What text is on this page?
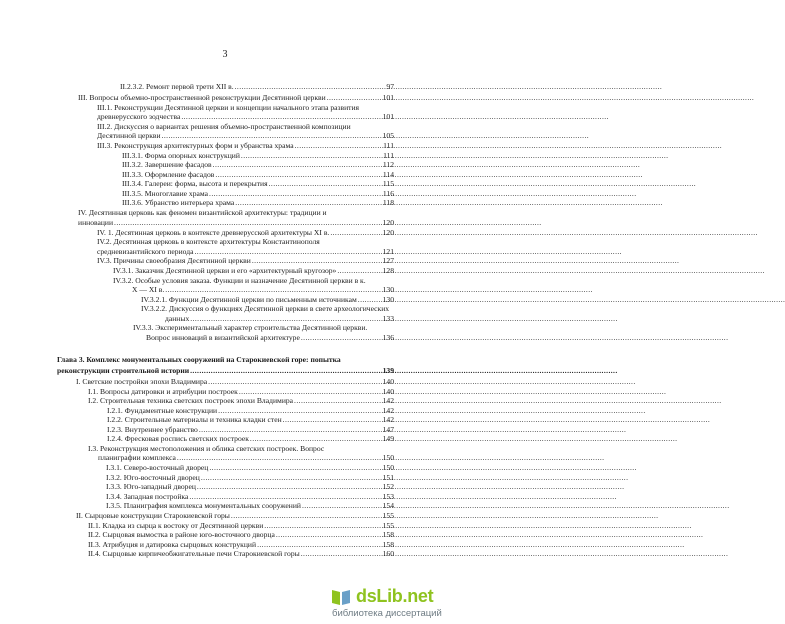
3
II.2.3.2. Ремонт первой трети XII в. .....	97
III. Вопросы объемно-пространственной реконструкции Десятинной церкви .....	101
III.1. Реконструкции Десятинной церкви и концепции начального этапа развития
древнерусского зодчества .....	101
III.2. Дискуссия о вариантах решения объемно-пространственной композиции
Десятинной церкви .....	105
III.3. Реконструкция архитектурных форм и убранства храма .....	111
III.3.1. Форма опорных конструкций .....	111
III.3.2. Завершение фасадов .....	112
III.3.3. Оформление фасадов .....	114
III.3.4. Галереи: форма, высота и перекрытия .....	115
III.3.5. Многоглавие храма .....	116
III.3.6. Убранство интерьера храма .....	118
IV. Десятинная церковь как феномен византийской архитектуры: традиции и
инновации .....	120
IV. 1. Десятинная церковь в контексте древнерусской архитектуры XI в. .....	120
IV.2. Десятинная церковь в контексте архитектуры Константинополя
средневизантийского периода .....	121
IV.3. Причины своеобразия Десятинной церкви .....	127
IV.3.1. Заказчик Десятинной церкви и его «архитектурный кругозор» .....	128
IV.3.2. Особые условия заказа. Функции и назначение Десятинной церкви в к.
X — XI в. .....	130
IV.3.2.1. Функции Десятинной церкви по письменным источникам .....	130
IV.3.2.2. Дискуссия о функциях Десятинной церкви в свете археологических
данных .....	133
IV.3.3. Экспериментальный характер строительства Десятинной церкви.
Вопрос инноваций в византийской архитектуре .....	136
Глава 3. Комплекс монументальных сооружений на Старокиевской горе: попытка
реконструкции строительной истории .....	139
I. Светские постройки эпохи Владимира .....	140
I.1. Вопросы датировки и атрибуции построек .....	140
I.2. Строительная техника светских построек эпохи Владимира .....	142
I.2.1. Фундаментные конструкции .....	142
I.2.2. Строительные материалы и техника кладки стен .....	142
I.2.3. Внутреннее убранство .....	147
I.2.4. Фресковая роспись светских построек .....	149
I.3. Реконструкция местоположения и облика светских построек. Вопрос
планиграфии комплекса .....	150
I.3.1. Северо-восточный дворец .....	150
I.3.2. Юго-восточный дворец .....	151
I.3.3. Юго-западный дворец .....	152
I.3.4. Западная постройка .....	153
I.3.5. Планиграфия комплекса монументальных сооружений .....	154
II. Сырцовые конструкции Старокиевской горы .....	155
II.1. Кладка из сырца к востоку от Десятинной церкви .....	155
II.2. Сырцовая вымостка в районе юго-восточного дворца .....	158
II.3. Атрибуция и датировка сырцовых конструкций .....	158
II.4. Сырцовые кирпичеобжигательные печи Старокиевской горы .....	160
dsLib.net
библиотека диссертаций
